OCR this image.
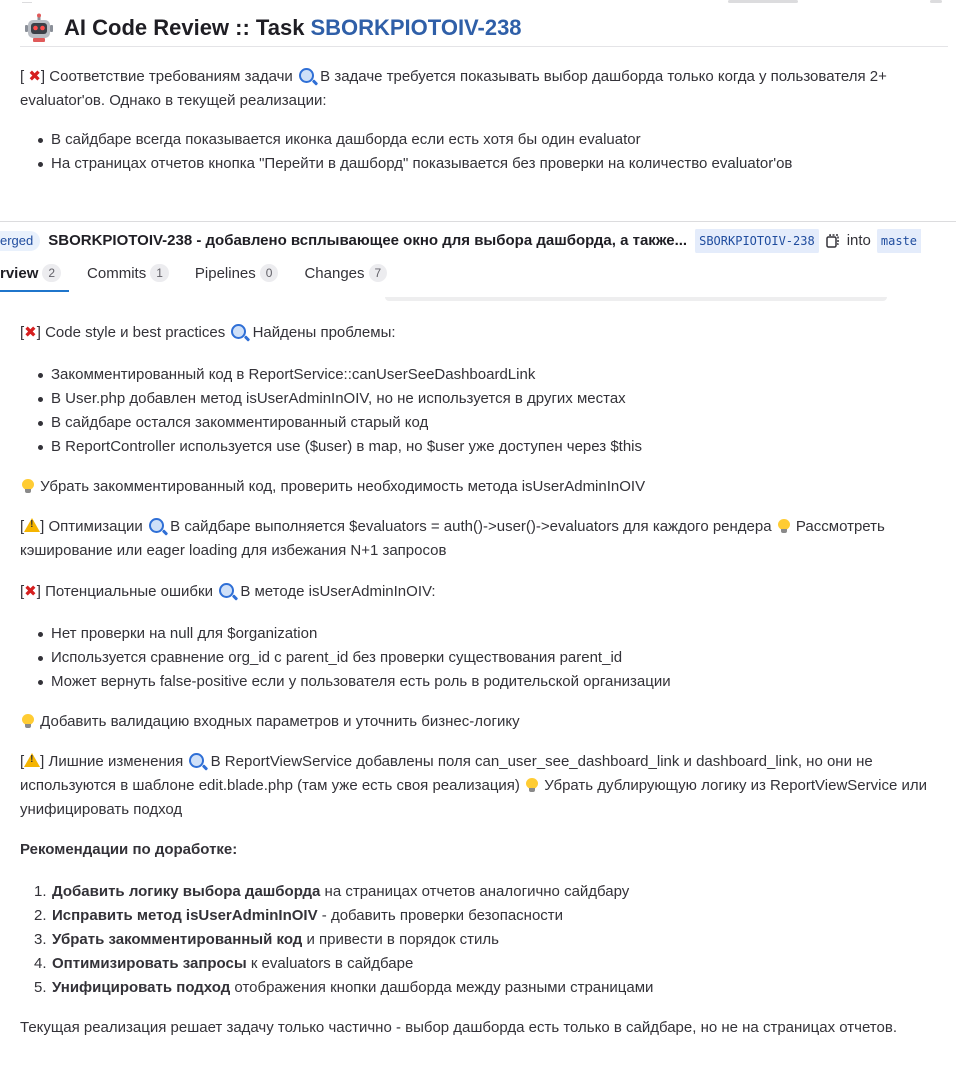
AI Code Review :: Task SBORKPIOTOIV-238

[ ✖] Соответствие требованиям задачи В задаче требуется показывать выбор дашборда только когда у пользователя 2+ evaluator'ов. Однако в текущей реализации:

В сайдбаре всегда показывается иконка дашборда если есть хотя бы один evaluator
На страницах отчетов кнопка "Перейти в дашборд" показывается без проверки на количество evaluator'ов
erged	SBORKPIOTOIV-238 - добавлено всплывающее окно для выбора дашборда, а также...	SBORKPIOTOIV-238 into maste
rview 2	Commits 1	Pipelines 0	Changes 7

[✖] Code style и best practices Найдены проблемы:

Закомментированный код в ReportService::canUserSeeDashboardLink
В User.php добавлен метод isUserAdminInOIV, но не используется в других местах
В сайдбаре остался закомментированный старый код
В ReportController используется use ($user) в map, но $user уже доступен через $this

Убрать закомментированный код, проверить необходимость метода isUserAdminInOIV

[ ! ] Оптимизации В сайдбаре выполняется $evaluators = auth()->user()->evaluators для каждого рендера Рассмотреть кэширование или eager loading для избежания N+1 запросов

[✖] Потенциальные ошибки В методе isUserAdminInOIV:

Нет проверки на null для $organization
Используется сравнение org_id с parent_id без проверки существования parent_id
Может вернуть false-positive если у пользователя есть роль в родительской организации

Добавить валидацию входных параметров и уточнить бизнес-логику

[ ! ] Лишние изменения В ReportViewService добавлены поля can_user_see_dashboard_link и dashboard_link, но они не используются в шаблоне edit.blade.php (там уже есть своя реализация) Убрать дублирующую логику из ReportViewService или унифицировать подход

Рекомендации по доработке:

1. Добавить логику выбора дашборда на страницах отчетов аналогично сайдбару
2. Исправить метод isUserAdminInOIV - добавить проверки безопасности
3. Убрать закомментированный код и привести в порядок стиль
4. Оптимизировать запросы к evaluators в сайдбаре
5. Унифицировать подход отображения кнопки дашборда между разными страницами

Текущая реализация решает задачу только частично - выбор дашборда есть только в сайдбаре, но не на страницах отчетов.
